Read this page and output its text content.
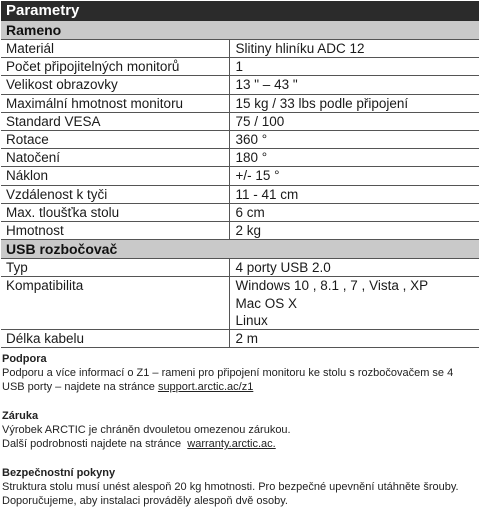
Parametry
Rameno
Materiál	Slitiny hliníku ADC 12
Počet připojitelných monitorů	1
Velikost obrazovky	13 " – 43 "
Maximální hmotnost monitoru	15 kg / 33 lbs podle připojení
Standard VESA	75 / 100
Rotace	360 °
Natočení	180 °
Náklon	+/- 15 °
Vzdálenost k tyči	11 - 41 cm
Max. tloušťka stolu	6 cm
Hmotnost	2 kg
USB rozbočovač
Typ	4 porty USB 2.0
Kompatibilita	Windows 10 , 8.1 , 7 , Vista , XP
Mac OS X
Linux

Délka kabelu	2 m
Podpora
Podporu a více informací o Z1 – rameni pro připojení monitoru ke stolu s rozbočovačem se 4 USB porty – najdete na stránce support.arctic.ac/z1
Záruka
Výrobek ARCTIC je chráněn dvouletou omezenou zárukou.
Další podrobnosti najdete na stránce  warranty.arctic.ac.
Bezpečnostní pokyny
Struktura stolu musí unést alespoň 20 kg hmotnosti. Pro bezpečné upevnění utáhněte šrouby. Doporučujeme, aby instalaci prováděly alespoň dvě osoby.
